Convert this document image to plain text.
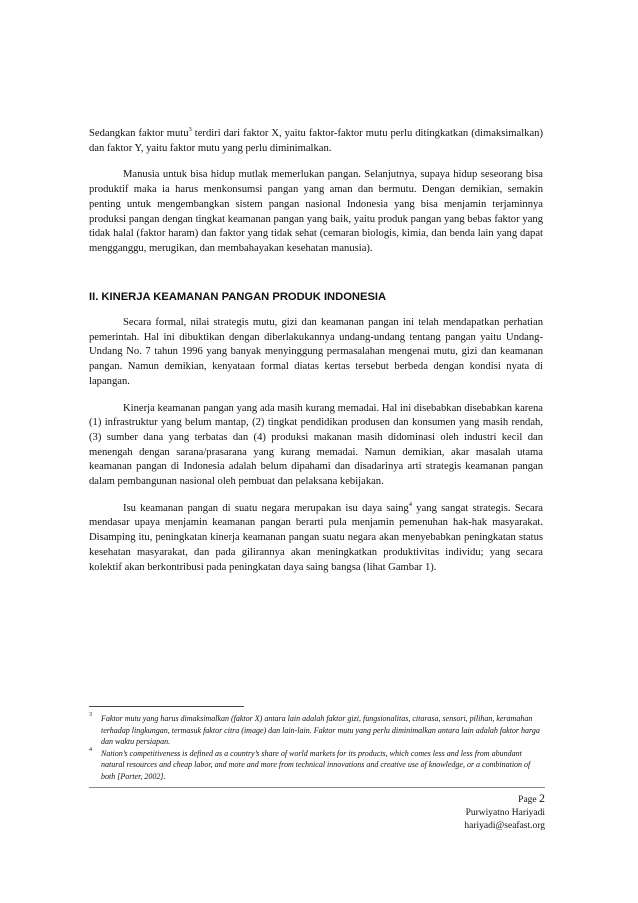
Sedangkan faktor mutu$^3$ terdiri dari faktor X, yaitu faktor-faktor mutu perlu ditingkatkan (dimaksimalkan) dan faktor Y, yaitu faktor mutu yang perlu diminimalkan.

Manusia untuk bisa hidup mutlak memerlukan pangan. Selanjutnya, supaya hidup seseorang bisa produktif maka ia harus menkonsumsi pangan yang aman dan bermutu. Dengan demikian, semakin penting untuk mengembangkan sistem pangan nasional Indonesia yang bisa menjamin terjaminnya produksi pangan dengan tingkat keamanan pangan yang baik, yaitu produk pangan yang bebas faktor yang tidak halal (faktor haram) dan faktor yang tidak sehat (cemaran biologis, kimia, dan benda lain yang dapat mengganggu, merugikan, dan membahayakan kesehatan manusia).

II. KINERJA KEAMANAN PANGAN PRODUK INDONESIA

Secara formal, nilai strategis mutu, gizi dan keamanan pangan ini telah mendapatkan perhatian pemerintah. Hal ini dibuktikan dengan diberlakukannya undang-undang tentang pangan yaitu Undang-Undang No. 7 tahun 1996 yang banyak menyinggung permasalahan mengenai mutu, gizi dan keamanan pangan. Namun demikian, kenyataan formal diatas kertas tersebut berbeda dengan kondisi nyata di lapangan.

Kinerja keamanan pangan yang ada masih kurang memadai. Hal ini disebabkan disebabkan karena (1) infrastruktur yang belum mantap, (2) tingkat pendidikan produsen dan konsumen yang masih rendah, (3) sumber dana yang terbatas dan (4) produksi makanan masih didominasi oleh industri kecil dan menengah dengan sarana/prasarana yang kurang memadai. Namun demikian, akar masalah utama keamanan pangan di Indonesia adalah belum dipahami dan disadarinya arti strategis keamanan pangan dalam pembangunan nasional oleh pembuat dan pelaksana kebijakan.

Isu keamanan pangan di suatu negara merupakan isu daya saing$^4$ yang sangat strategis. Secara mendasar upaya menjamin keamanan pangan berarti pula menjamin pemenuhan hak-hak masyarakat. Disamping itu, peningkatan kinerja keamanan pangan suatu negara akan menyebabkan peningkatan status kesehatan masyarakat, dan pada gilirannya akan meningkatkan produktivitas individu; yang secara kolektif akan berkontribusi pada peningkatan daya saing bangsa (lihat Gambar 1).

3 Faktor mutu yang harus dimaksimalkan (faktor X) antara lain adalah faktor gizi, fungsionalitas, citarasa, sensori, pilihan, keramahan terhadap lingkungan, termasuk faktor citra (image) dan lain-lain. Faktor mutu yang perlu diminimalkan antara lain adalah faktor harga dan waktu persiapan.
4 Nation’s competitiveness is defined as a country’s share of world markets for its products, which comes less and less from abundant natural resources and cheap labor, and more and more from technical innovations and creative use of knowledge, or a combination of both [Porter, 2002].
Page 2
Purwiyatno Hariyadi
hariyadi@seafast.org
